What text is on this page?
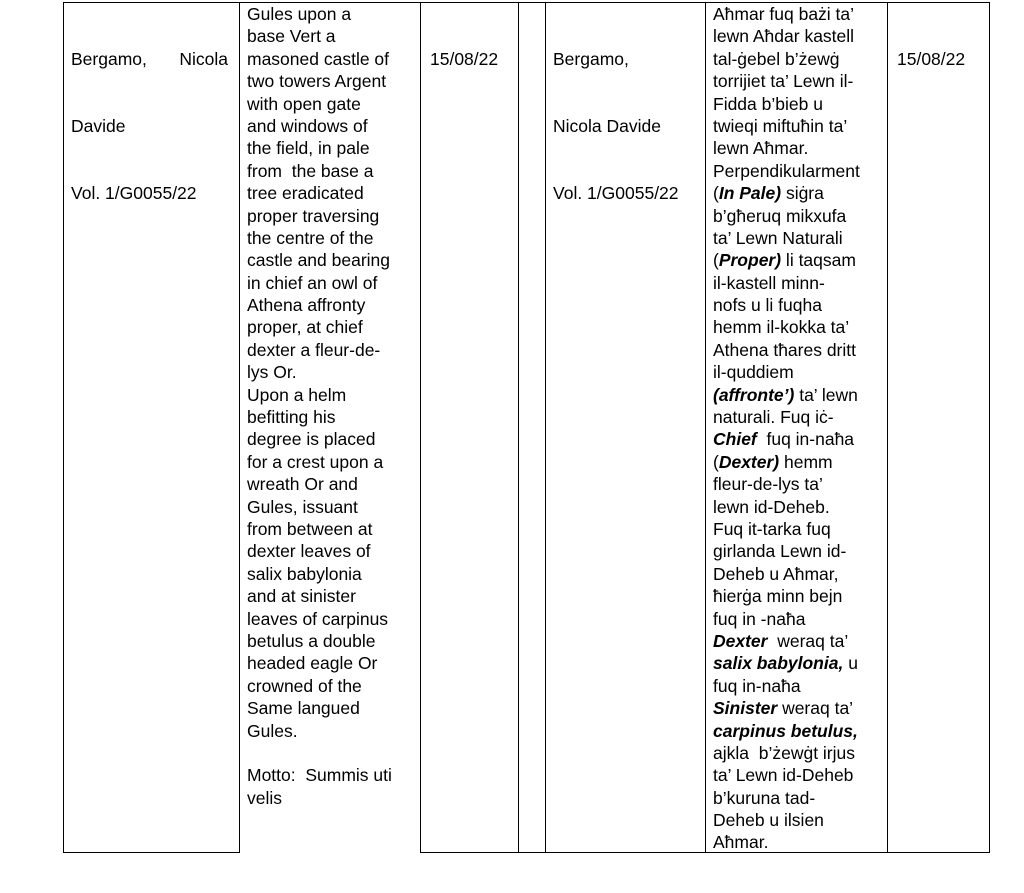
Bergamo, Nicola

Davide

Vol. 1/G0055/22

Gules upon a
base Vert a
masoned castle of
two towers Argent
with open gate
and windows of
the field, in pale
from  the base a
tree eradicated
proper traversing
the centre of the
castle and bearing
in chief an owl of
Athena affronty
proper, at chief
dexter a fleur-de-
lys Or.
Upon a helm
befitting his
degree is placed
for a crest upon a
wreath Or and
Gules, issuant
from between at
dexter leaves of
salix babylonia
and at sinister
leaves of carpinus
betulus a double
headed eagle Or
crowned of the
Same langued
Gules.
Motto:  Summis uti
velis

15/08/22

	Bergamo,

Nicola Davide

Vol. 1/G0055/22

Aħmar fuq bażi ta’
lewn Aħdar kastell
tal-ġebel b’żewġ
torrijiet ta’ Lewn il-
Fidda b’bieb u
twieqi miftuħin ta’
lewn Aħmar.
Perpendikularment
(In Pale) siġra
b’għeruq mikxufa
ta’ Lewn Naturali
(Proper) li taqsam
il-kastell minn-
nofs u li fuqha
hemm il-kokka ta’
Athena tħares dritt
il-quddiem
(affronte’) ta’ lewn
naturali. Fuq iċ-
Chief  fuq in-naħa
(Dexter) hemm
fleur-de-lys ta’
lewn id-Deheb.
Fuq it-tarka fuq
girlanda Lewn id-
Deheb u Aħmar,
ħierġa minn bejn
fuq in -naħa
Dexter  weraq ta’
salix babylonia, u
fuq in-naħa
Sinister weraq ta’
carpinus betulus,
ajkla  b’żewġt irjus
ta’ Lewn id-Deheb
b’kuruna tad-
Deheb u ilsien
Aħmar.

15/08/22
